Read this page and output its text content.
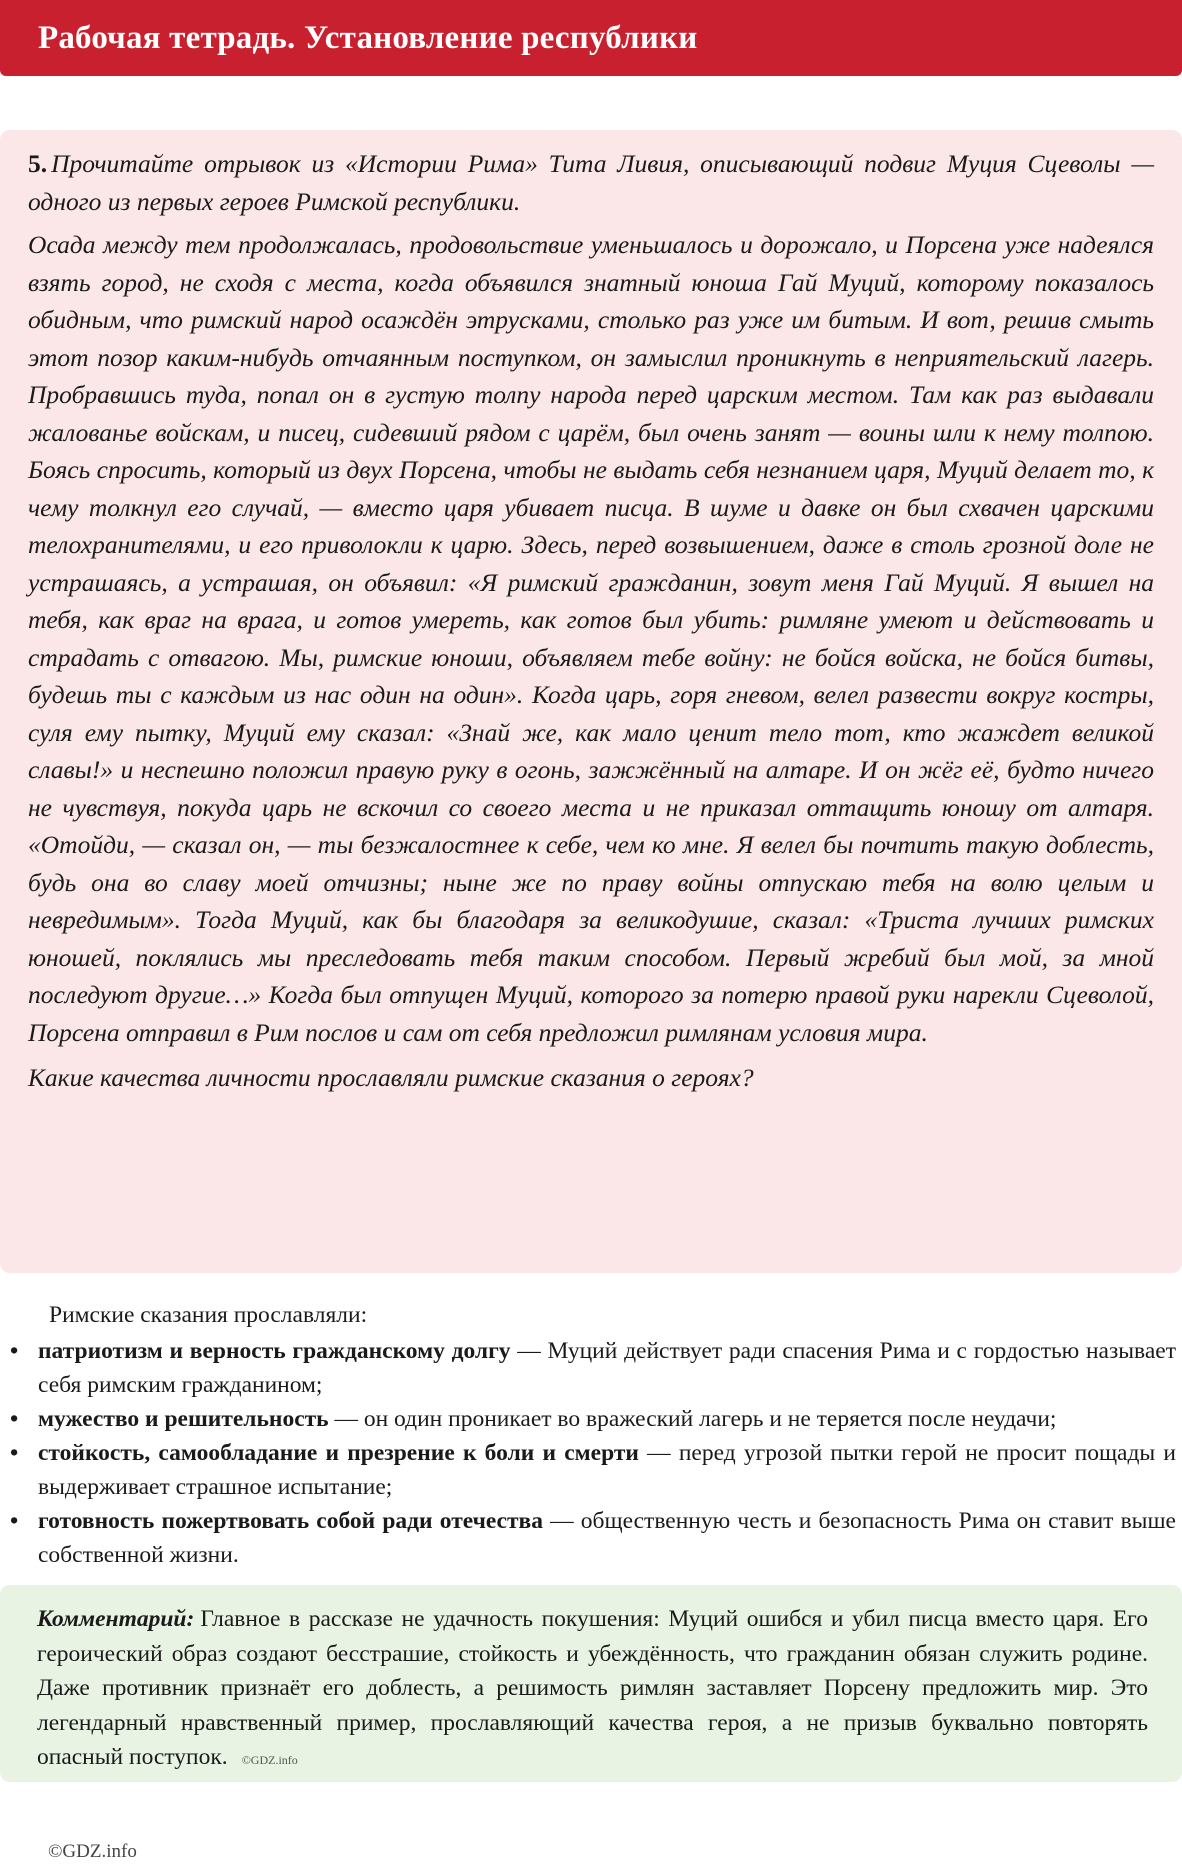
Рабочая тетрадь. Установление республики

5. Прочитайте отрывок из «Истории Рима» Тита Ливия, описывающий подвиг Муция Сцеволы — одного из первых героев Римской республики.

Осада между тем продолжалась, продовольствие уменьшалось и дорожало, и Порсена уже надеялся взять город, не сходя с места, когда объявился знатный юноша Гай Муций, которому показалось обидным, что римский народ осаждён этрусками, столько раз уже им битым. И вот, решив смыть этот позор каким-нибудь отчаянным поступком, он замыслил проникнуть в неприятельский лагерь. Пробравшись туда, попал он в густую толпу народа перед царским местом. Там как раз выдавали жалованье войскам, и писец, сидевший рядом с царём, был очень занят — воины шли к нему толпою. Боясь спросить, который из двух Порсена, чтобы не выдать себя незнанием царя, Муций делает то, к чему толкнул его случай, — вместо царя убивает писца. В шуме и давке он был схвачен царскими телохранителями, и его приволокли к царю. Здесь, перед возвышением, даже в столь грозной доле не устрашаясь, а устрашая, он объявил: «Я римский гражданин, зовут меня Гай Муций. Я вышел на тебя, как враг на врага, и готов умереть, как готов был убить: римляне умеют и действовать и страдать с отвагою. Мы, римские юноши, объявляем тебе войну: не бойся войска, не бойся битвы, будешь ты с каждым из нас один на один». Когда царь, горя гневом, велел развести вокруг костры, суля ему пытку, Муций ему сказал: «Знай же, как мало ценит тело тот, кто жаждет великой славы!» и неспешно положил правую руку в огонь, зажжённый на алтаре. И он жёг её, будто ничего не чувствуя, покуда царь не вскочил со своего места и не приказал оттащить юношу от алтаря. «Отойди, — сказал он, — ты безжалостнее к себе, чем ко мне. Я велел бы почтить такую доблесть, будь она во славу моей отчизны; ныне же по праву войны отпускаю тебя на волю целым и невредимым». Тогда Муций, как бы благодаря за великодушие, сказал: «Триста лучших римских юношей, поклялись мы преследовать тебя таким способом. Первый жребий был мой, за мной последуют другие…» Когда был отпущен Муций, которого за потерю правой руки нарекли Сцеволой, Порсена отправил в Рим послов и сам от себя предложил римлянам условия мира.

Какие качества личности прославляли римские сказания о героях?

Римские сказания прославляли:

• патриотизм и верность гражданскому долгу — Муций действует ради спасения Рима и с гордостью называет себя римским гражданином;
• мужество и решительность — он один проникает во вражеский лагерь и не теряется после неудачи;
• стойкость, самообладание и презрение к боли и смерти — перед угрозой пытки герой не просит пощады и выдерживает страшное испытание;
• готовность пожертвовать собой ради отечества — общественную честь и безопасность Рима он ставит выше собственной жизни.
Комментарий: Главное в рассказе не удачность покушения: Муций ошибся и убил писца вместо царя. Его героический образ создают бесстрашие, стойкость и убеждённость, что гражданин обязан служить родине. Даже противник признаёт его доблесть, а решимость римлян заставляет Порсену предложить мир. Это легендарный нравственный пример, прославляющий качества героя, а не призыв буквально повторять опасный поступок. ©GDZ.info
©GDZ.info
